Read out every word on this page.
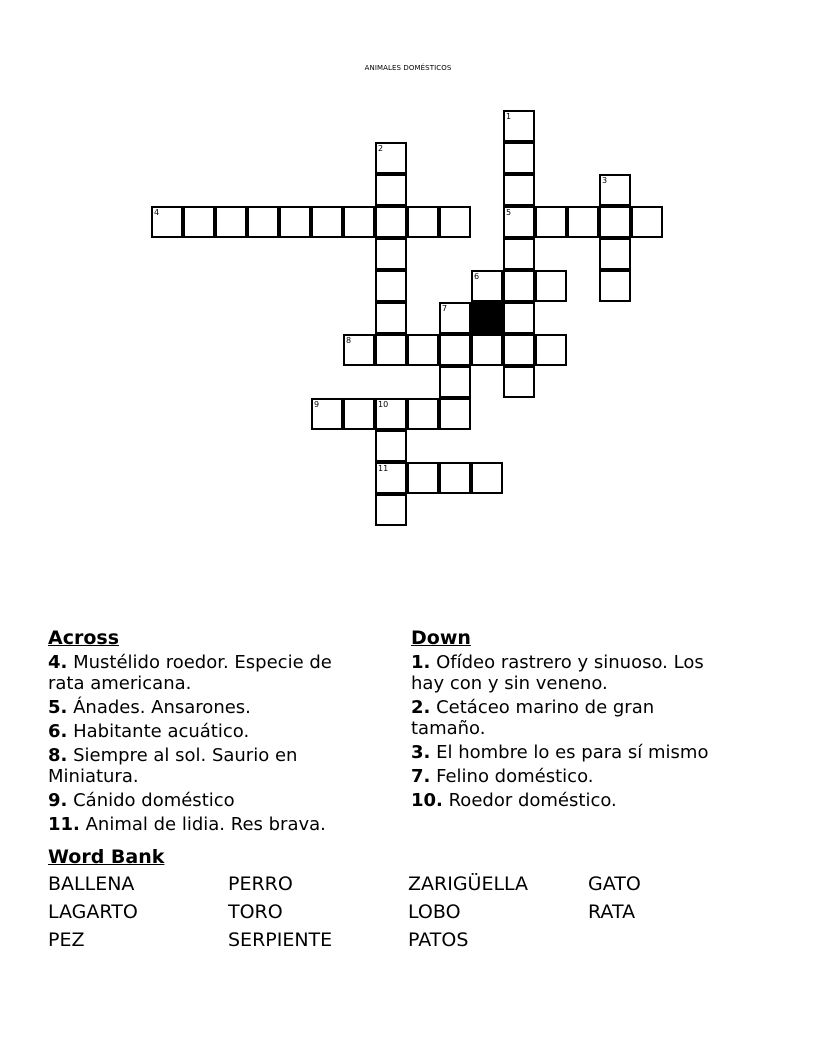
ANIMALES DOMÉSTICOS
1
2
3
4	5
6
7
8
9	10
11
Across
4. Mustélido roedor. Especie de rata americana.
5. Ánades. Ansarones.
6. Habitante acuático.
8. Siempre al sol. Saurio en Miniatura.
9. Cánido doméstico
11. Animal de lidia. Res brava.
Down
1. Ofídeo rastrero y sinuoso. Los hay con y sin veneno.
2. Cetáceo marino de gran tamaño.
3. El hombre lo es para sí mismo
7. Felino doméstico.
10. Roedor doméstico.
Word Bank
BALLENA	PERRO	ZARIGÜELLA	GATO
LAGARTO	TORO	LOBO	RATA
PEZ	SERPIENTE	PATOS
